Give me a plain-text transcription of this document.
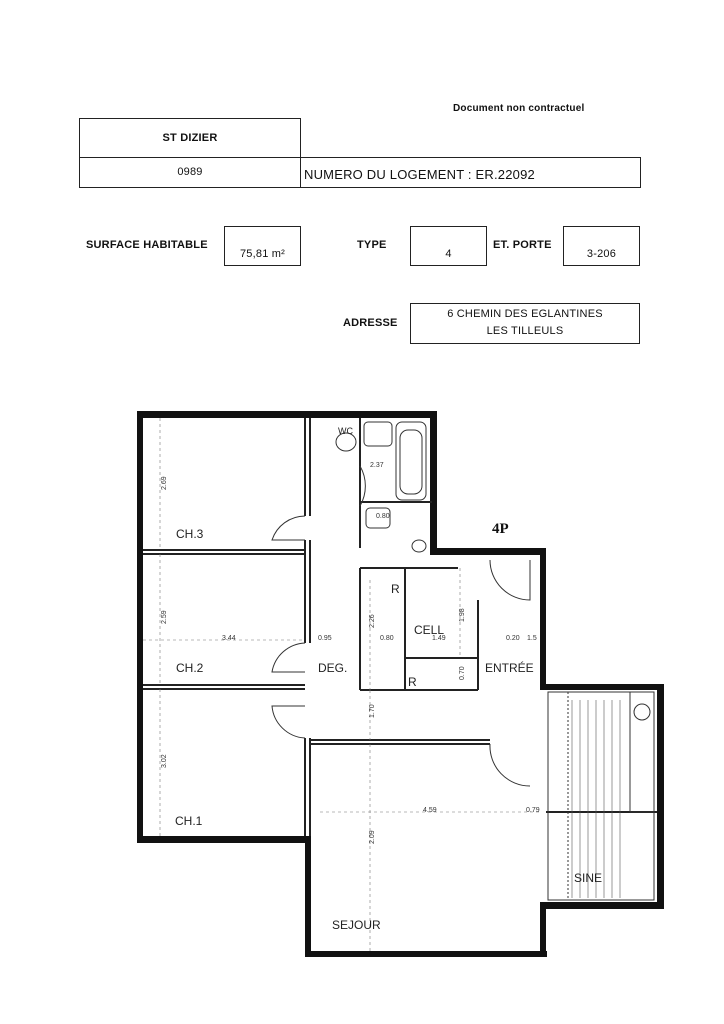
Document non contractuel
ST DIZIER
0989	NUMERO DU LOGEMENT : ER.22092
SURFACE HABITABLE
75,81 m²
TYPE
4
ET. PORTE
3-206
ADRESSE
6 CHEMIN DES EGLANTINES
LES TILLEULS
CH.3
CH.2
CH.1
DEG.
CELL
ENTRÉE
SEJOUR
SINE
WC
R
R
4P
2.69
2.59
3.02
3.44
4.59
2.09
2.26	1.98
2.37
1.70
1.49
0.95	0.80	0.20 1.5
0.70
0.80
0.79
